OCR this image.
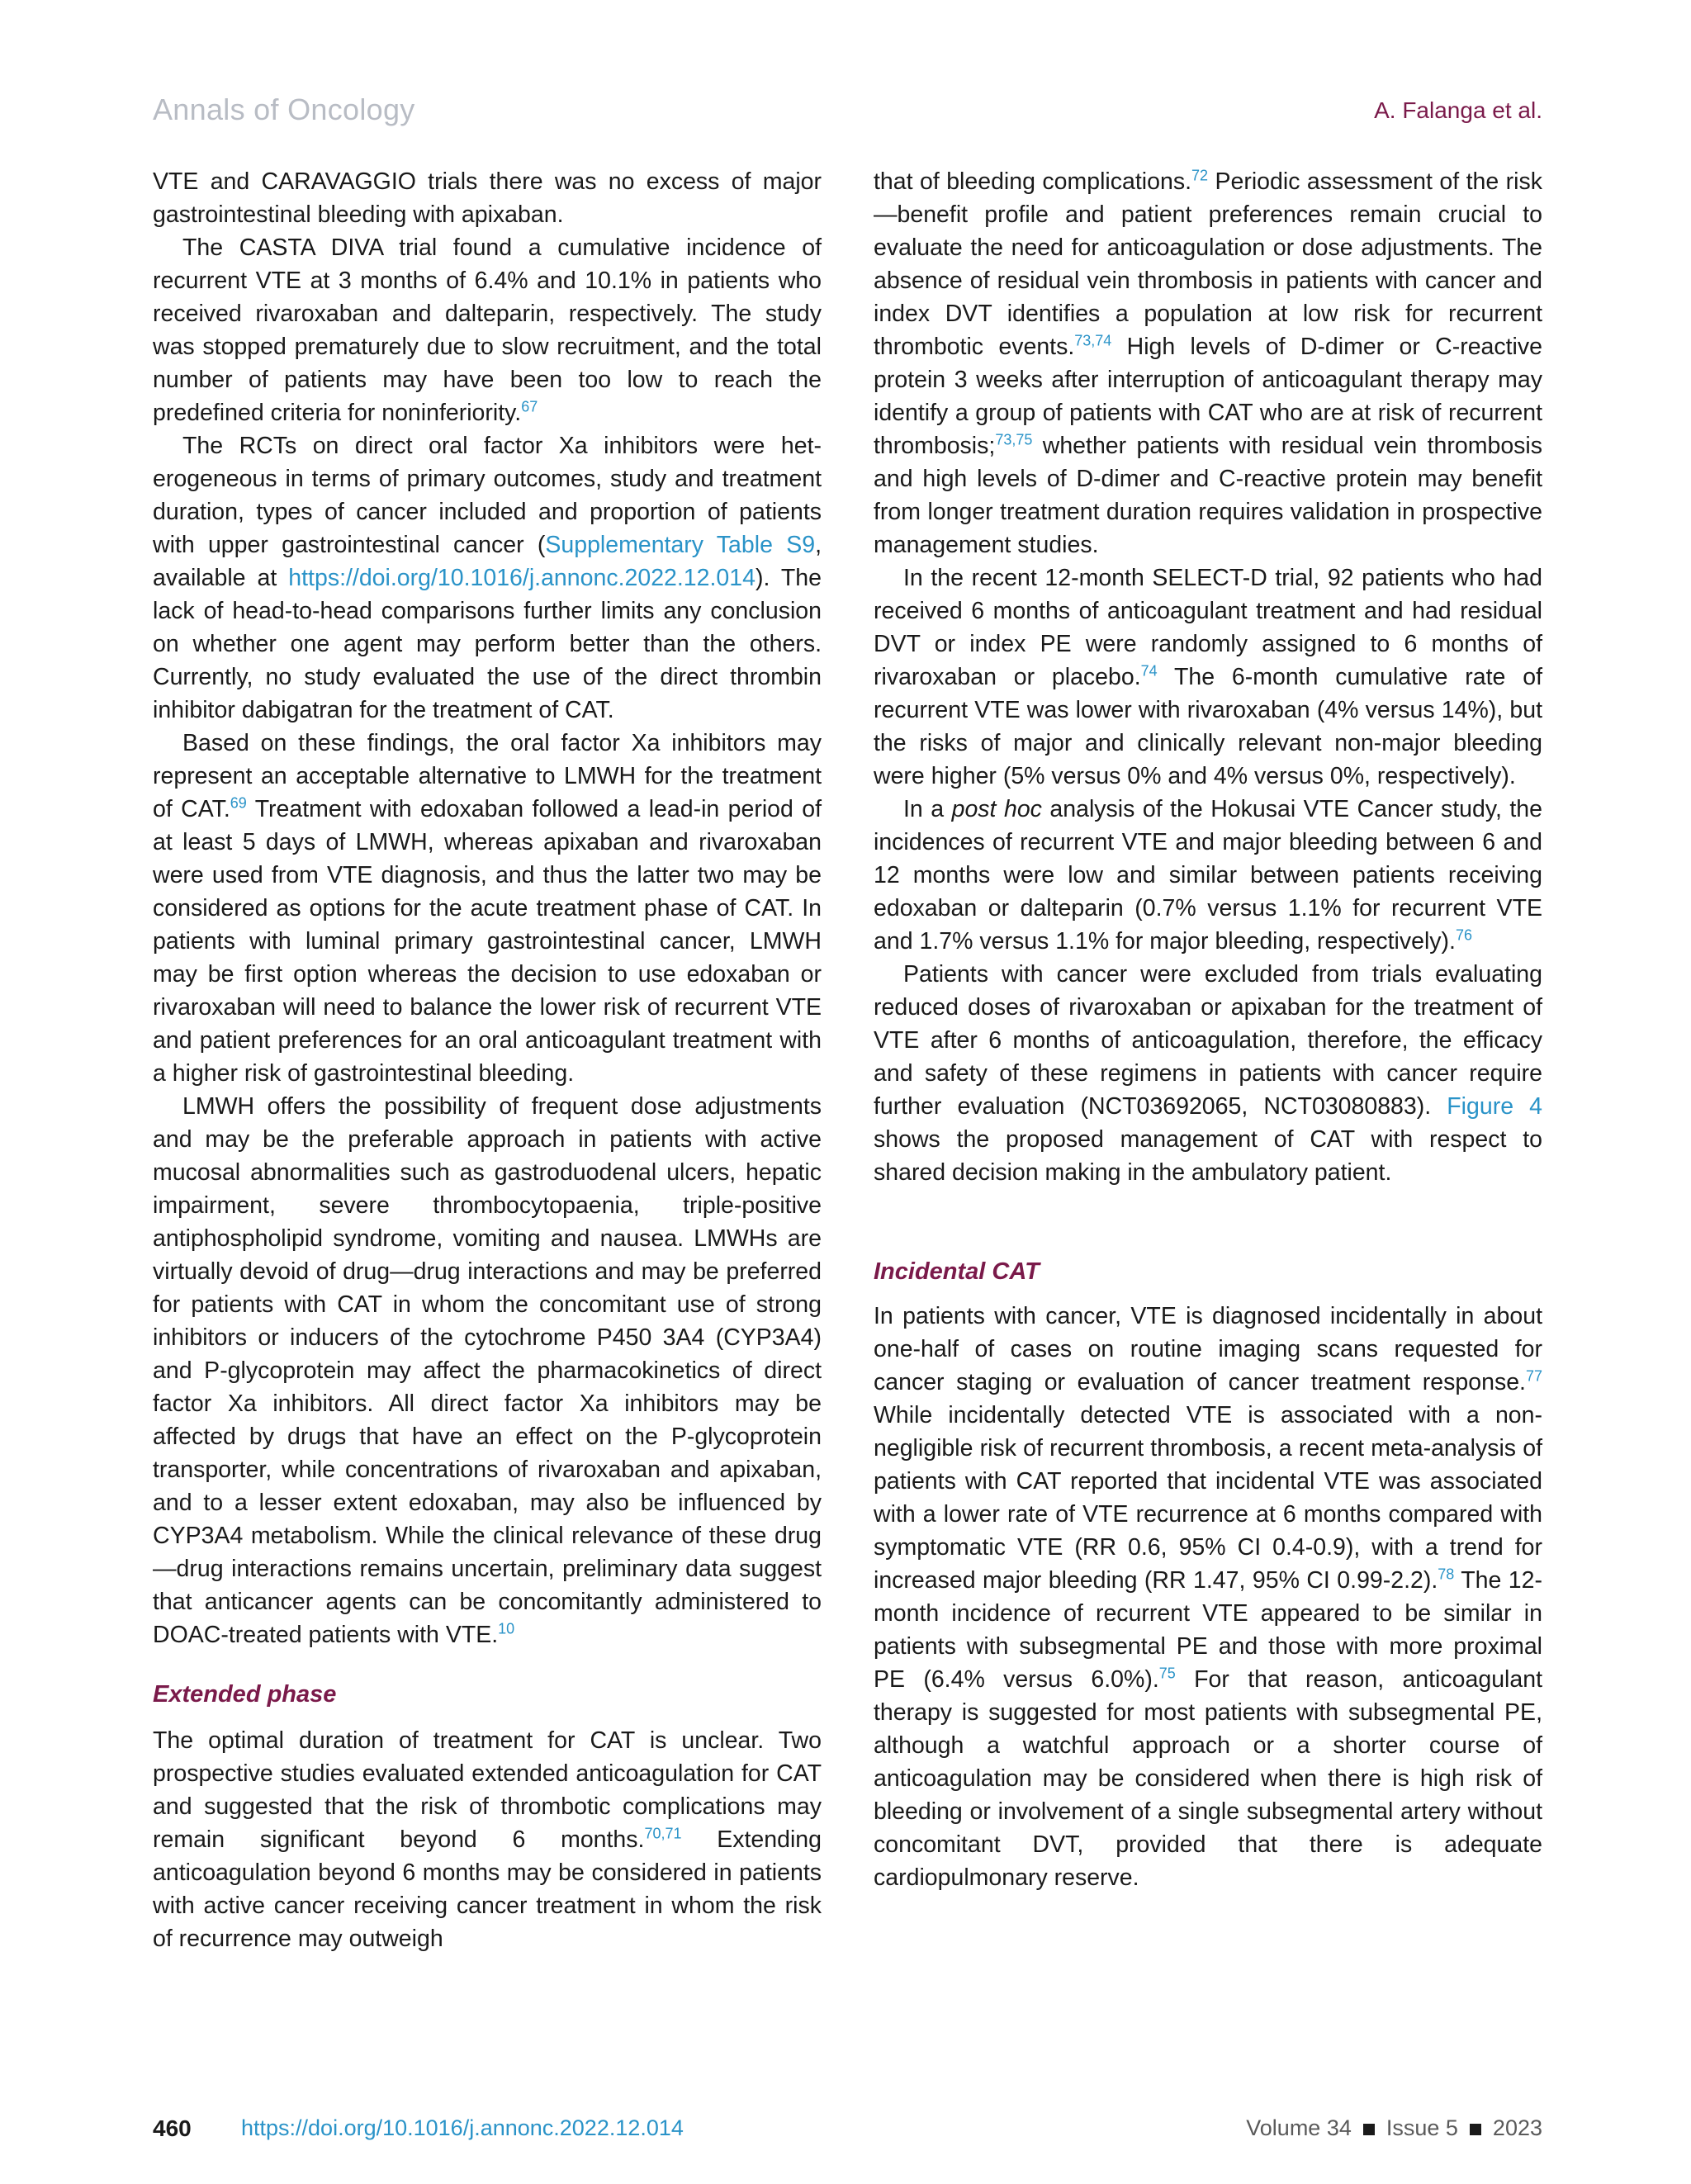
Annals of Oncology	A. Falanga et al.

VTE and CARAVAGGIO trials there was no excess of major gastrointestinal bleeding with apixaban.

The CASTA DIVA trial found a cumulative incidence of recurrent VTE at 3 months of 6.4% and 10.1% in patients who received rivaroxaban and dalteparin, respectively. The study was stopped prematurely due to slow recruitment, and the total number of patients may have been too low to reach the predefined criteria for noninferiority.$^{67}$

The RCTs on direct oral factor Xa inhibitors were heterogeneous in terms of primary outcomes, study and treatment duration, types of cancer included and proportion of patients with upper gastrointestinal cancer (Supplementary Table S9, available at https://doi.org/10.1016/j.annonc.2022.12.014). The lack of head-to-head comparisons further limits any conclusion on whether one agent may perform better than the others. Currently, no study evaluated the use of the direct thrombin inhibitor dabigatran for the treatment of CAT.

Based on these findings, the oral factor Xa inhibitors may represent an acceptable alternative to LMWH for the treatment of CAT.$^{69}$ Treatment with edoxaban followed a lead-in period of at least 5 days of LMWH, whereas apixaban and rivaroxaban were used from VTE diagnosis, and thus the latter two may be considered as options for the acute treatment phase of CAT. In patients with luminal primary gastrointestinal cancer, LMWH may be first option whereas the decision to use edoxaban or rivaroxaban will need to balance the lower risk of recurrent VTE and patient preferences for an oral anticoagulant treatment with a higher risk of gastrointestinal bleeding.

LMWH offers the possibility of frequent dose adjustments and may be the preferable approach in patients with active mucosal abnormalities such as gastroduodenal ulcers, hepatic impairment, severe thrombocytopaenia, triple-positive antiphospholipid syndrome, vomiting and nausea. LMWHs are virtually devoid of drug—drug interactions and may be preferred for patients with CAT in whom the concomitant use of strong inhibitors or inducers of the cytochrome P450 3A4 (CYP3A4) and P-glycoprotein may affect the pharmacokinetics of direct factor Xa inhibitors. All direct factor Xa inhibitors may be affected by drugs that have an effect on the P-glycoprotein transporter, while concentrations of rivaroxaban and apixaban, and to a lesser extent edoxaban, may also be influenced by CYP3A4 metabolism. While the clinical relevance of these drug—drug interactions remains uncertain, preliminary data suggest that anticancer agents can be concomitantly administered to DOAC-treated patients with VTE.$^{10}$

Extended phase

The optimal duration of treatment for CAT is unclear. Two prospective studies evaluated extended anticoagulation for CAT and suggested that the risk of thrombotic complications may remain significant beyond 6 months.$^{70,71}$ Extending anticoagulation beyond 6 months may be considered in patients with active cancer receiving cancer treatment in whom the risk of recurrence may outweigh

that of bleeding complications.$^{72}$ Periodic assessment of the risk—benefit profile and patient preferences remain crucial to evaluate the need for anticoagulation or dose adjustments. The absence of residual vein thrombosis in patients with cancer and index DVT identifies a population at low risk for recurrent thrombotic events.$^{73,74}$ High levels of D-dimer or C-reactive protein 3 weeks after interruption of anticoagulant therapy may identify a group of patients with CAT who are at risk of recurrent thrombosis;$^{73,75}$ whether patients with residual vein thrombosis and high levels of D-dimer and C-reactive protein may benefit from longer treatment duration requires validation in prospective management studies.

In the recent 12-month SELECT-D trial, 92 patients who had received 6 months of anticoagulant treatment and had residual DVT or index PE were randomly assigned to 6 months of rivaroxaban or placebo.$^{74}$ The 6-month cumulative rate of recurrent VTE was lower with rivaroxaban (4% versus 14%), but the risks of major and clinically relevant non-major bleeding were higher (5% versus 0% and 4% versus 0%, respectively).

In a post hoc analysis of the Hokusai VTE Cancer study, the incidences of recurrent VTE and major bleeding between 6 and 12 months were low and similar between patients receiving edoxaban or dalteparin (0.7% versus 1.1% for recurrent VTE and 1.7% versus 1.1% for major bleeding, respectively).$^{76}$

Patients with cancer were excluded from trials evaluating reduced doses of rivaroxaban or apixaban for the treatment of VTE after 6 months of anticoagulation, therefore, the efficacy and safety of these regimens in patients with cancer require further evaluation (NCT03692065, NCT03080883). Figure 4 shows the proposed management of CAT with respect to shared decision making in the ambulatory patient.

Incidental CAT

In patients with cancer, VTE is diagnosed incidentally in about one-half of cases on routine imaging scans requested for cancer staging or evaluation of cancer treatment response.$^{77}$ While incidentally detected VTE is associated with a non-negligible risk of recurrent thrombosis, a recent meta-analysis of patients with CAT reported that incidental VTE was associated with a lower rate of VTE recurrence at 6 months compared with symptomatic VTE (RR 0.6, 95% CI 0.4-0.9), with a trend for increased major bleeding (RR 1.47, 95% CI 0.99-2.2).$^{78}$ The 12-month incidence of recurrent VTE appeared to be similar in patients with subsegmental PE and those with more proximal PE (6.4% versus 6.0%).$^{75}$ For that reason, anticoagulant therapy is suggested for most patients with subsegmental PE, although a watchful approach or a shorter course of anticoagulation may be considered when there is high risk of bleeding or involvement of a single subsegmental artery without concomitant DVT, provided that there is adequate cardiopulmonary reserve.

460 https://doi.org/10.1016/j.annonc.2022.12.014	Volume 34 Issue 5 2023
